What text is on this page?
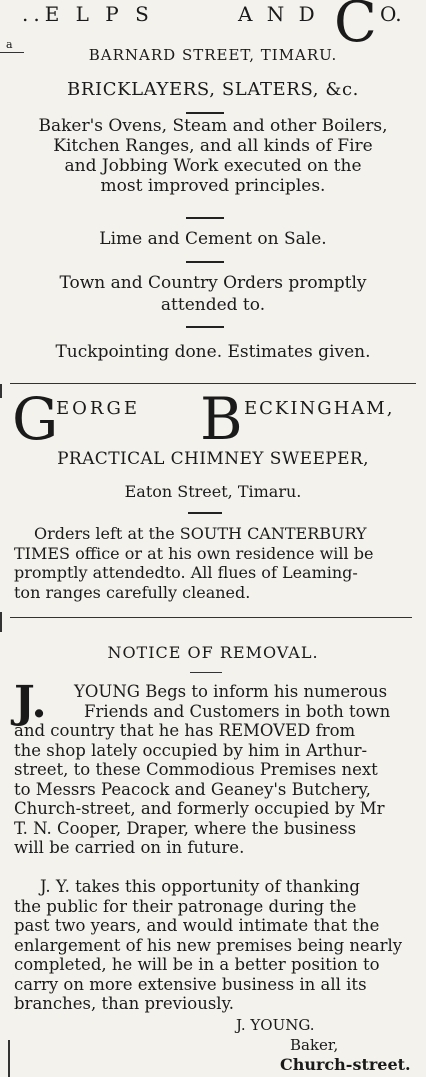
..E L P S	A N D C O.
a
BARNARD STREET, TIMARU.
BRICKLAYERS, SLATERS, &c.
Baker's Ovens, Steam and other Boilers,
Kitchen Ranges, and all kinds of Fire
and Jobbing Work executed on the
most improved principles.
Lime and Cement on Sale.
Town and Country Orders promptly
attended to.
Tuckpointing done. Estimates given.
G
EORGE B ECKINGHAM,
PRACTICAL CHIMNEY SWEEPER,
Eaton Street, Timaru.
Orders left at the SOUTH CANTERBURY
TIMES office or at his own residence will be
promptly attendedto. All flues of Leaming-
ton ranges carefully cleaned.
NOTICE OF REMOVAL.
J. YOUNG Begs to inform his numerous
Friends and Customers in both town
and country that he has REMOVED from
the shop lately occupied by him in Arthur-
street, to these Commodious Premises next
to Messrs Peacock and Geaney's Butchery,
Church-street, and formerly occupied by Mr
T. N. Cooper, Draper, where the business
will be carried on in future.
J. Y. takes this opportunity of thanking
the public for their patronage during the
past two years, and would intimate that the
enlargement of his new premises being nearly
completed, he will be in a better position to
carry on more extensive business in all its
branches, than previously.
J. YOUNG.
Baker,
Church-street.
